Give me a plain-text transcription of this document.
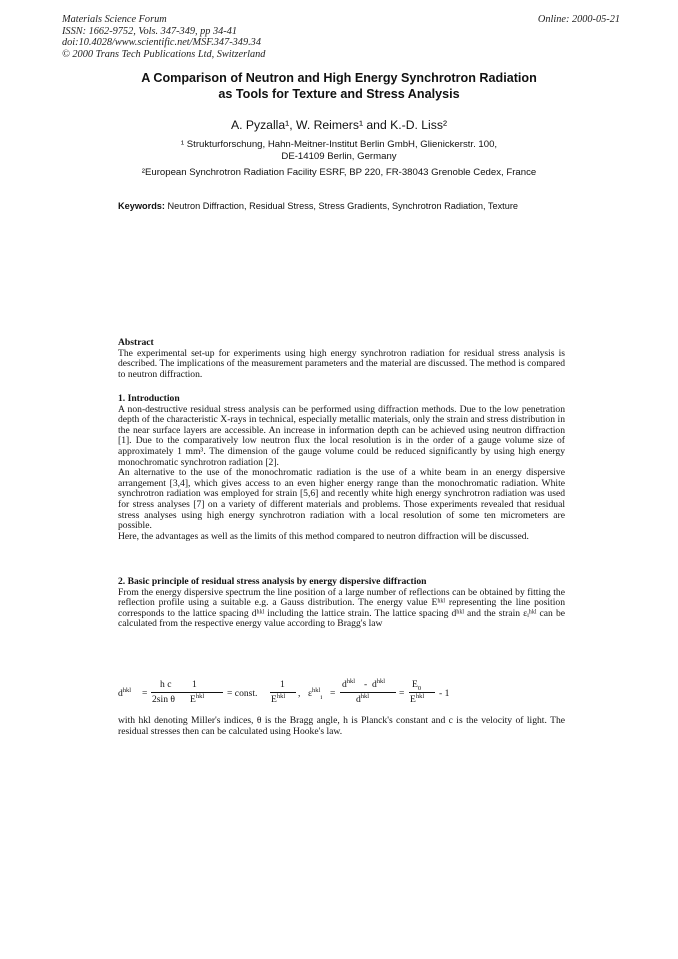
Materials Science Forum
ISSN: 1662-9752, Vols. 347-349, pp 34-41
doi:10.4028/www.scientific.net/MSF.347-349.34
© 2000 Trans Tech Publications Ltd, Switzerland
Online: 2000-05-21
A Comparison of Neutron and High Energy Synchrotron Radiation
as Tools for Texture and Stress Analysis
A. Pyzalla¹, W. Reimers¹ and K.-D. Liss²
¹ Strukturforschung, Hahn-Meitner-Institut Berlin GmbH, Glienickerstr. 100,
DE-14109 Berlin, Germany
²European Synchrotron Radiation Facility ESRF, BP 220, FR-38043 Grenoble Cedex, France
Keywords: Neutron Diffraction, Residual Stress, Stress Gradients, Synchrotron Radiation, Texture

Abstract

The experimental set-up for experiments using high energy synchrotron radiation for residual stress analysis is described. The implications of the measurement parameters and the material are discussed. The method is compared to neutron diffraction.

1. Introduction

A non-destructive residual stress analysis can be performed using diffraction methods. Due to the low penetration depth of the characteristic X-rays in technical, especially metallic materials, only the strain and stress distribution in the near surface layers are accessible. An increase in information depth can be achieved using neutron diffraction [1]. Due to the comparatively low neutron flux the local resolution is in the order of a gauge volume size of approximately 1 mm³. The dimension of the gauge volume could be reduced significantly by using high energy monochromatic synchrotron radiation [2].

An alternative to the use of the monochromatic radiation is the use of a white beam in an energy dispersive arrangement [3,4], which gives access to an even higher energy range than the monochromatic radiation. White synchrotron radiation was employed for strain [5,6] and recently white high energy synchrotron radiation was used for stress analyses [7] on a variety of different materials and problems. Those experiments revealed that residual stress analyses using high energy synchrotron radiation with a local resolution of some ten micrometers are possible.

Here, the advantages as well as the limits of this method compared to neutron diffraction will be discussed.

2. Basic principle of residual stress analysis by energy dispersive diffraction

From the energy dispersive spectrum the line position of a large number of reflections can be obtained by fitting the reflection profile using a suitable e.g. a Gauss distribution. The energy value Eʰᵏˡ representing the line position corresponds to the lattice spacing dʰᵏˡ including the lattice strain. The lattice spacing dʰᵏˡ and the strain εᵢʰᵏˡ can be calculated from the respective energy value according to Bragg's law

$d^{hkl}$ =
h c 1
2sin θ $E^{hkl}$ = const.
1
$E^{hkl}$ , $\varepsilon^{hkl}_i$ =
$d^{hkl} - d^{hkl}$
$d^{hkl}$	=
$E_0$
$E^{hkl} - 1$

with hkl denoting Miller's indices, θ is the Bragg angle, h is Planck's constant and c is the velocity of light. The residual stresses then can be calculated using Hooke's law.
